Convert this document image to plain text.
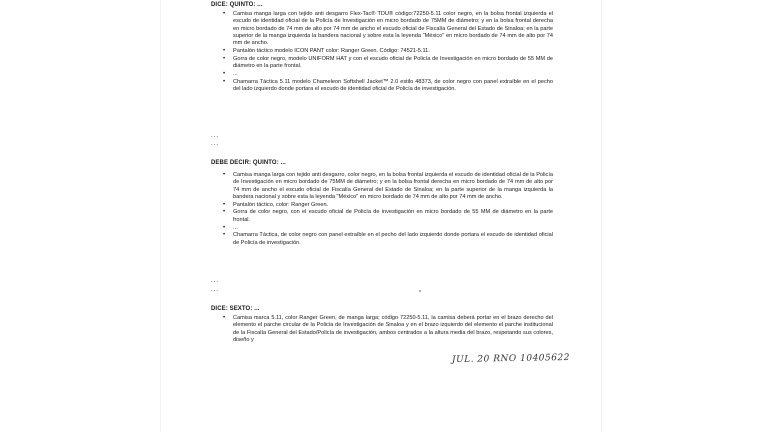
DICE: QUINTO: ...
• Camisa manga larga con tejido anti desgarro Flex-Tac® TDU® código:72250-5.11 color negro, en la bolsa frontal izquierda el escudo de identidad oficial de la Policía de Investigación en micro bordado de 75MM de diámetro; y en la bolsa frontal derecha en micro bordado de 74 mm de alto por 74 mm de ancho el escudo oficial de Fiscalía General del Estado de Sinaloa; en la parte superior de la manga izquierda la bandera nacional y sobre esta la leyenda "México" en micro bordado de 74 mm de alto por 74 mm de ancho.
• Pantalón táctico modelo ICON PANT color: Ranger Green. Código: 74521-5.11.
• Gorra de color negro, modelo UNIFORM HAT y con el escudo oficial de Policía de Investigación en micro bordado de 55 MM de diámetro en la parte frontal.
• ...
• Chamarra Táctica 5.11 modelo Chameleon Softshell Jacket™ 2.0 estilo 48373, de color negro con panel extraíble en el pecho del lado izquierdo donde portara el escudo de identidad oficial de Policía de investigación.
...
...
DEBE DECIR: QUINTO: ...
• Camisa manga larga con tejido anti desgarro, color negro, en la bolsa frontal izquierda el escudo de identidad oficial de la Policía de Investigación en micro bordado de 75MM de diámetro; y en la bolsa frontal derecha en micro bordado de 74 mm de alto por 74 mm de ancho el escudo oficial de Fiscalía General del Estado de Sinaloa; en la parte superior de la manga izquierda la bandera nacional y sobre esta la leyenda "México" en micro bordado de 74 mm de alto por 74 mm de ancho.
• Pantalón táctico, color: Ranger Green.
• Gorra de color negro, con el escudo oficial de Policía de investigación en micro bordado de 55 MM de diámetro en la parte frontal.
• ...
• Chamarra Táctica, de color negro con panel extraíble en el pecho del lado izquierdo donde portara el escudo de identidad oficial de Policía de investigación.
...
...
DICE: SEXTO: ...
• Camisa marca 5.11, color Ranger Green, de manga larga; código 72250-5.11, la camisa deberá portar en el brazo derecho del elemento el parche circular de la Policía de Investigación de Sinaloa y en el brazo izquierdo del elemento el parche institucional de la Fiscalía General del Estado/Policía de investigación, ambos centrados a la altura media del brazo, respetando sus colores, diseño y
JUL. 20 RNO 10405622
